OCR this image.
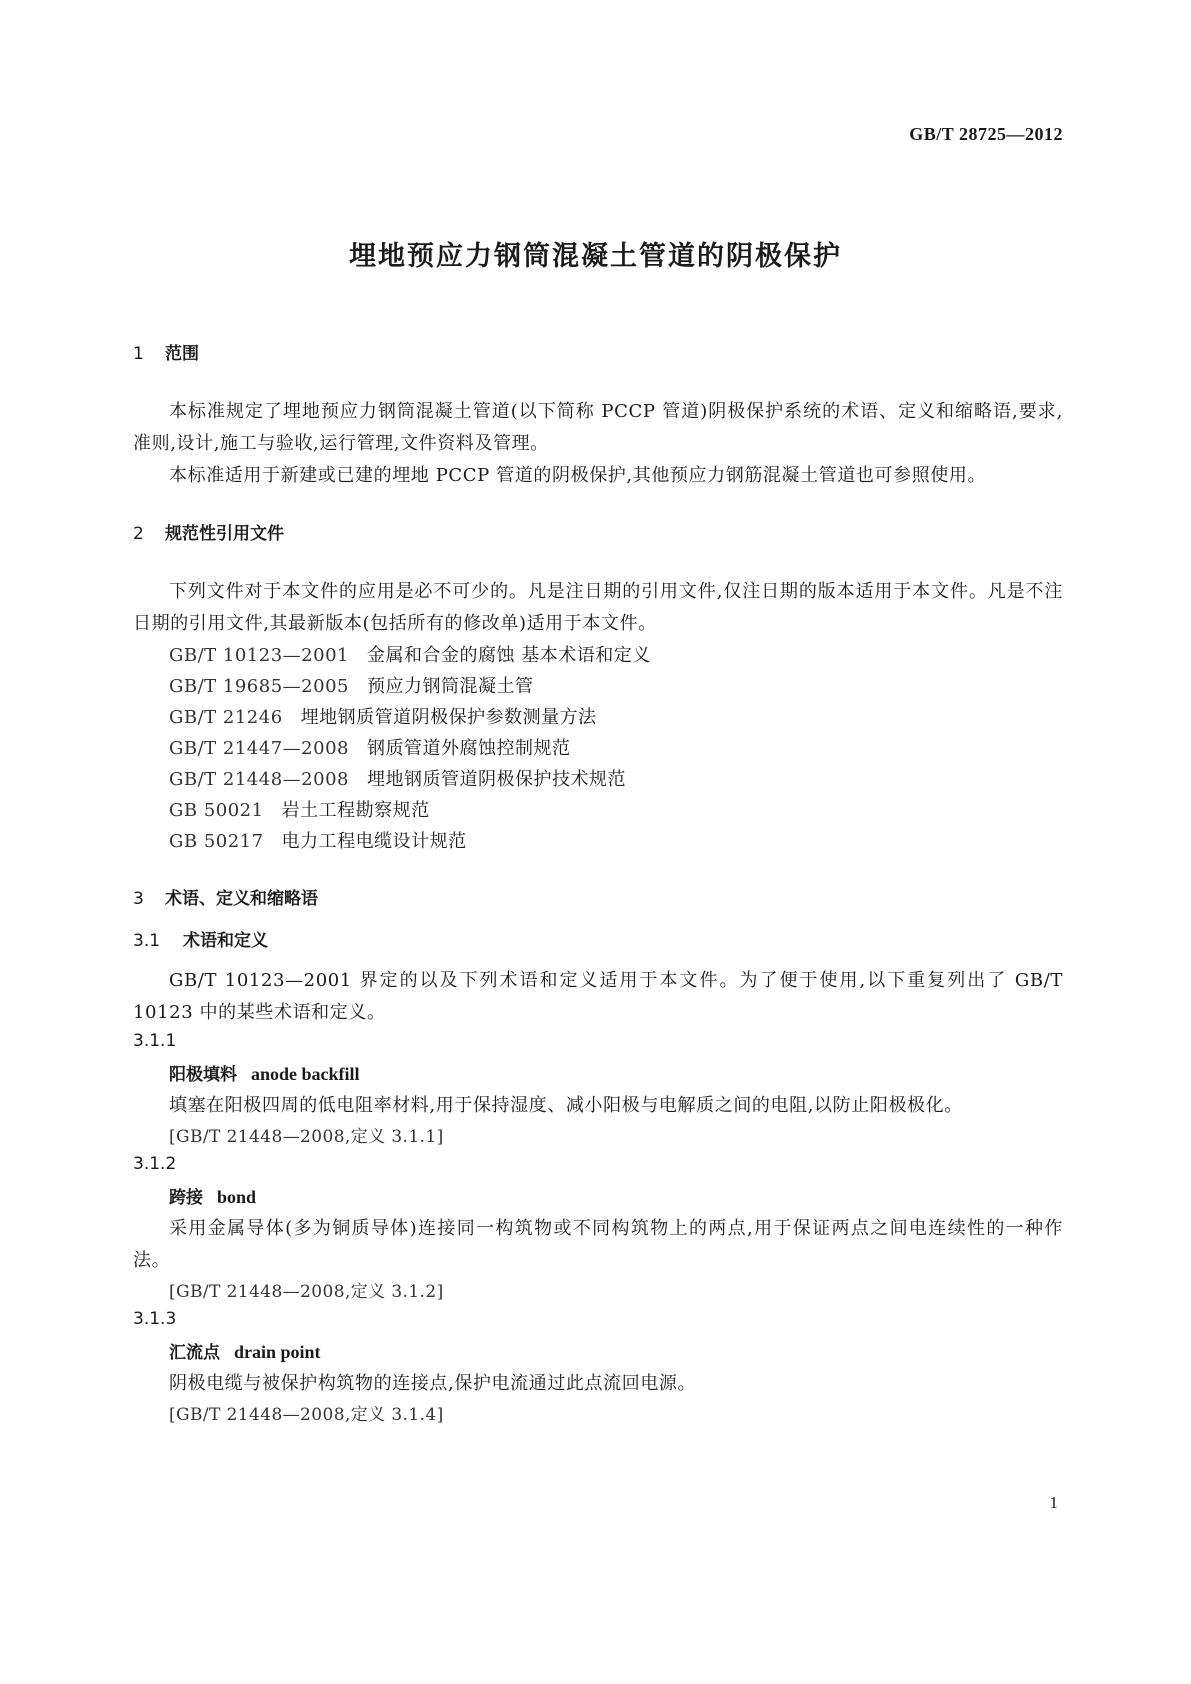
GB/T 28725—2012
埋地预应力钢筒混凝土管道的阴极保护
1 范围

本标准规定了埋地预应力钢筒混凝土管道(以下简称 PCCP 管道)阴极保护系统的术语、定义和缩略语,要求,准则,设计,施工与验收,运行管理,文件资料及管理。

本标准适用于新建或已建的埋地 PCCP 管道的阴极保护,其他预应力钢筋混凝土管道也可参照使用。

2 规范性引用文件

下列文件对于本文件的应用是必不可少的。凡是注日期的引用文件,仅注日期的版本适用于本文件。凡是不注日期的引用文件,其最新版本(包括所有的修改单)适用于本文件。

GB/T 10123—2001 金属和合金的腐蚀 基本术语和定义
GB/T 19685—2005 预应力钢筒混凝土管
GB/T 21246 埋地钢质管道阴极保护参数测量方法
GB/T 21447—2008 钢质管道外腐蚀控制规范
GB/T 21448—2008 埋地钢质管道阴极保护技术规范
GB 50021 岩土工程勘察规范
GB 50217 电力工程电缆设计规范
3 术语、定义和缩略语
3.1 术语和定义

GB/T 10123—2001 界定的以及下列术语和定义适用于本文件。为了便于使用,以下重复列出了 GB/T 10123 中的某些术语和定义。

3.1.1
阳极填料 anode backfill

填塞在阳极四周的低电阻率材料,用于保持湿度、减小阳极与电解质之间的电阻,以防止阳极极化。

[GB/T 21448—2008,定义 3.1.1]
3.1.2
跨接 bond

采用金属导体(多为铜质导体)连接同一构筑物或不同构筑物上的两点,用于保证两点之间电连续性的一种作法。

[GB/T 21448—2008,定义 3.1.2]
3.1.3
汇流点 drain point

阴极电缆与被保护构筑物的连接点,保护电流通过此点流回电源。

[GB/T 21448—2008,定义 3.1.4]
1
